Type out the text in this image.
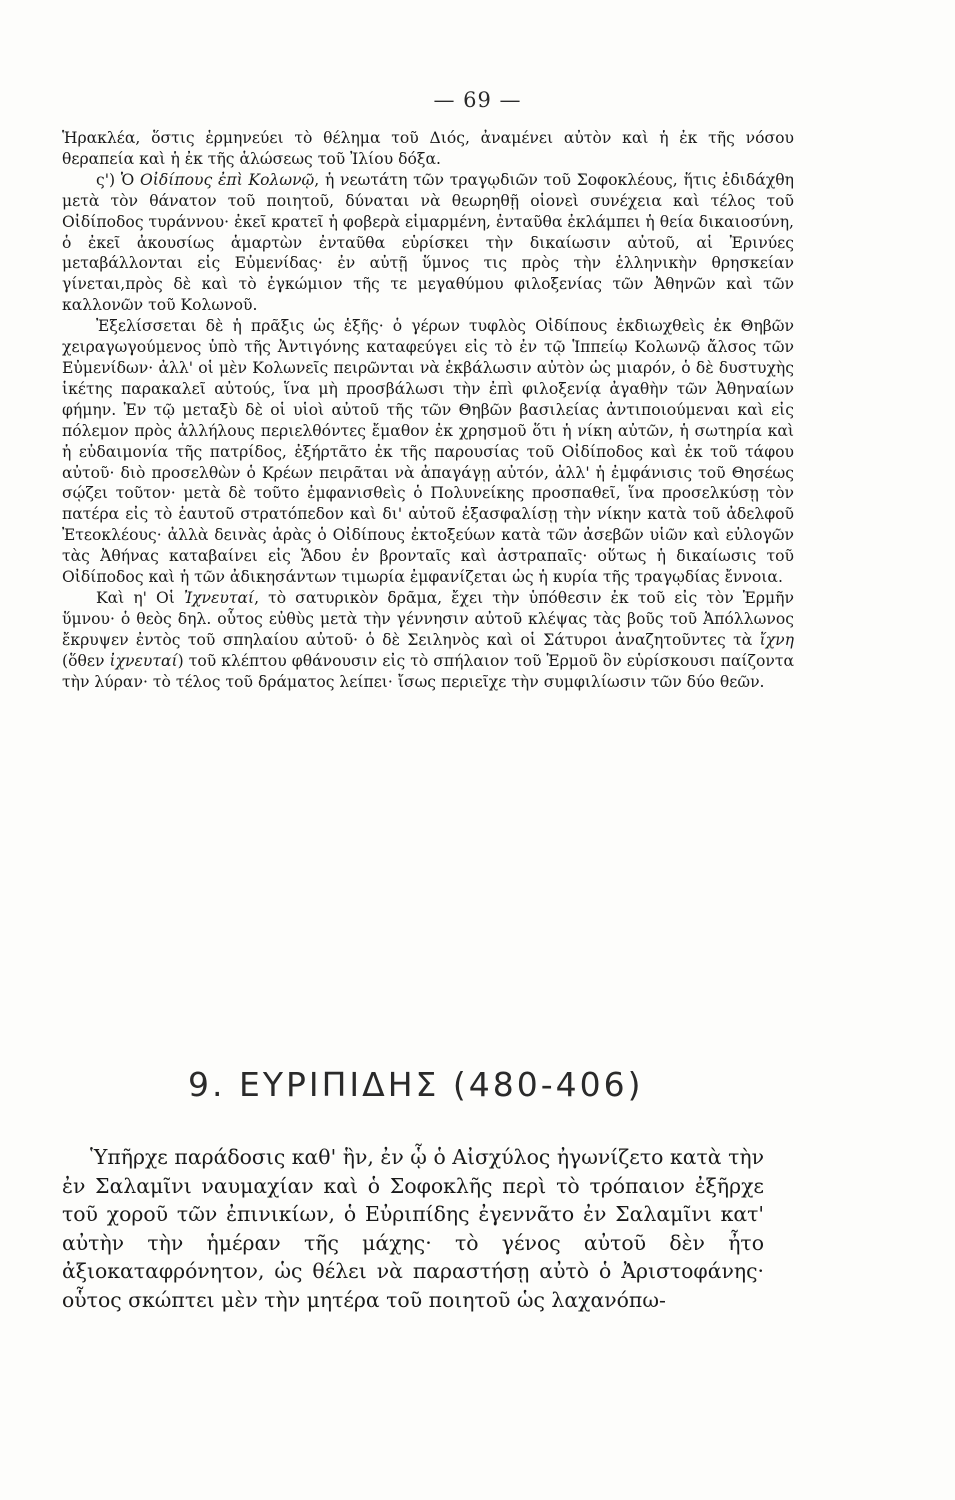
— 69 —

Ἡρακλέα, ὅστις ἑρμηνεύει τὸ θέλημα τοῦ Διός, ἀναμένει αὐτὸν καὶ ἡ ἐκ τῆς νόσου θεραπεία καὶ ἡ ἐκ τῆς ἁλώσεως τοῦ Ἰλίου δόξα.

ς') Ὁ Οἰδίπους ἐπὶ Κολωνῷ, ἡ νεωτάτη τῶν τραγῳδιῶν τοῦ Σοφοκλέους, ἥτις ἐδιδάχθη μετὰ τὸν θάνατον τοῦ ποιητοῦ, δύναται νὰ θεωρηθῇ οἱονεὶ συνέχεια καὶ τέλος τοῦ Οἰδίποδος τυράννου· ἐκεῖ κρατεῖ ἡ φοβερὰ εἱμαρμένη, ἐνταῦθα ἐκλάμπει ἡ θεία δικαιοσύνη, ὁ ἐκεῖ ἀκουσίως ἁμαρτὼν ἐνταῦθα εὑρίσκει τὴν δικαίωσιν αὐτοῦ, αἱ Ἐρινύες μεταβάλλονται εἰς Εὐμενίδας· ἐν αὐτῇ ὕμνος τις πρὸς τὴν ἑλληνικὴν θρησκείαν γίνεται,πρὸς δὲ καὶ τὸ ἐγκώμιον τῆς τε μεγαθύμου φιλοξενίας τῶν Ἀθηνῶν καὶ τῶν καλλονῶν τοῦ Κολωνοῦ.

Ἐξελίσσεται δὲ ἡ πρᾶξις ὡς ἑξῆς· ὁ γέρων τυφλὸς Οἰδίπους ἐκδιωχθεὶς ἐκ Θηβῶν χειραγωγούμενος ὑπὸ τῆς Ἀντιγόνης καταφεύγει εἰς τὸ ἐν τῷ Ἱππείῳ Κολωνῷ ἄλσος τῶν Εὐμενίδων· ἀλλ' οἱ μὲν Κολωνεῖς πειρῶνται νὰ ἐκβάλωσιν αὐτὸν ὡς μιαρόν, ὁ δὲ δυστυχὴς ἱκέτης παρακαλεῖ αὐτούς, ἵνα μὴ προσβάλωσι τὴν ἐπὶ φιλοξενίᾳ ἀγαθὴν τῶν Ἀθηναίων φήμην. Ἐν τῷ μεταξὺ δὲ οἱ υἱοὶ αὐτοῦ τῆς τῶν Θηβῶν βασιλείας ἀντιποιούμεναι καὶ εἰς πόλεμον πρὸς ἀλλήλους περιελθόντες ἔμαθον ἐκ χρησμοῦ ὅτι ἡ νίκη αὐτῶν, ἡ σωτηρία καὶ ἡ εὐδαιμονία τῆς πατρίδος, ἐξήρτᾶτο ἐκ τῆς παρουσίας τοῦ Οἰδίποδος καὶ ἐκ τοῦ τάφου αὐτοῦ· διὸ προσελθὼν ὁ Κρέων πειρᾶται νὰ ἀπαγάγῃ αὐτόν, ἀλλ' ἡ ἐμφάνισις τοῦ Θησέως σῴζει τοῦτον· μετὰ δὲ τοῦτο ἐμφανισθεὶς ὁ Πολυνείκης προσπαθεῖ, ἵνα προσελκύσῃ τὸν πατέρα εἰς τὸ ἑαυτοῦ στρατόπεδον καὶ δι' αὐτοῦ ἐξασφαλίσῃ τὴν νίκην κατὰ τοῦ ἀδελφοῦ Ἐτεοκλέους· ἀλλὰ δεινὰς ἀρὰς ὁ Οἰδίπους ἐκτοξεύων κατὰ τῶν ἀσεβῶν υἱῶν καὶ εὐλογῶν τὰς Ἀθήνας καταβαίνει εἰς Ἅδου ἐν βρονταῖς καὶ ἀστραπαῖς· οὕτως ἡ δικαίωσις τοῦ Οἰδίποδος καὶ ἡ τῶν ἀδικησάντων τιμωρία ἐμφανίζεται ὡς ἡ κυρία τῆς τραγῳδίας ἔννοια.

Καὶ η' Οἱ Ἰχνευταί, τὸ σατυρικὸν δρᾶμα, ἔχει τὴν ὑπόθεσιν ἐκ τοῦ εἰς τὸν Ἑρμῆν ὕμνου· ὁ θεὸς δηλ. οὗτος εὐθὺς μετὰ τὴν γέννησιν αὐτοῦ κλέψας τὰς βοῦς τοῦ Ἀπόλλωνος ἔκρυψεν ἐντὸς τοῦ σπηλαίου αὐτοῦ· ὁ δὲ Σειληνὸς καὶ οἱ Σάτυροι ἀναζητοῦντες τὰ ἴχνη (ὅθεν ἰχνευταί) τοῦ κλέπτου φθάνουσιν εἰς τὸ σπήλαιον τοῦ Ἑρμοῦ ὃν εὑρίσκουσι παίζοντα τὴν λύραν· τὸ τέλος τοῦ δράματος λείπει· ἴσως περιεῖχε τὴν συμφιλίωσιν τῶν δύο θεῶν.

9. ΕΥΡΙΠΙΔΗΣ (480-406)

Ὑπῆρχε παράδοσις καθ' ἣν, ἐν ᾧ ὁ Αἰσχύλος ἠγωνίζετο κατὰ τὴν ἐν Σαλαμῖνι ναυμαχίαν καὶ ὁ Σοφοκλῆς περὶ τὸ τρόπαιον ἐξῆρχε τοῦ χοροῦ τῶν ἐπινικίων, ὁ Εὐριπίδης ἐγεννᾶτο ἐν Σαλαμῖνι κατ' αὐτὴν τὴν ἡμέραν τῆς μάχης· τὸ γένος αὐτοῦ δὲν ἦτο ἀξιοκαταφρόνητον, ὡς θέλει νὰ παραστήσῃ αὐτὸ ὁ Ἀριστοφάνης· οὗτος σκώπτει μὲν τὴν μητέρα τοῦ ποιητοῦ ὡς λαχανόπω-
